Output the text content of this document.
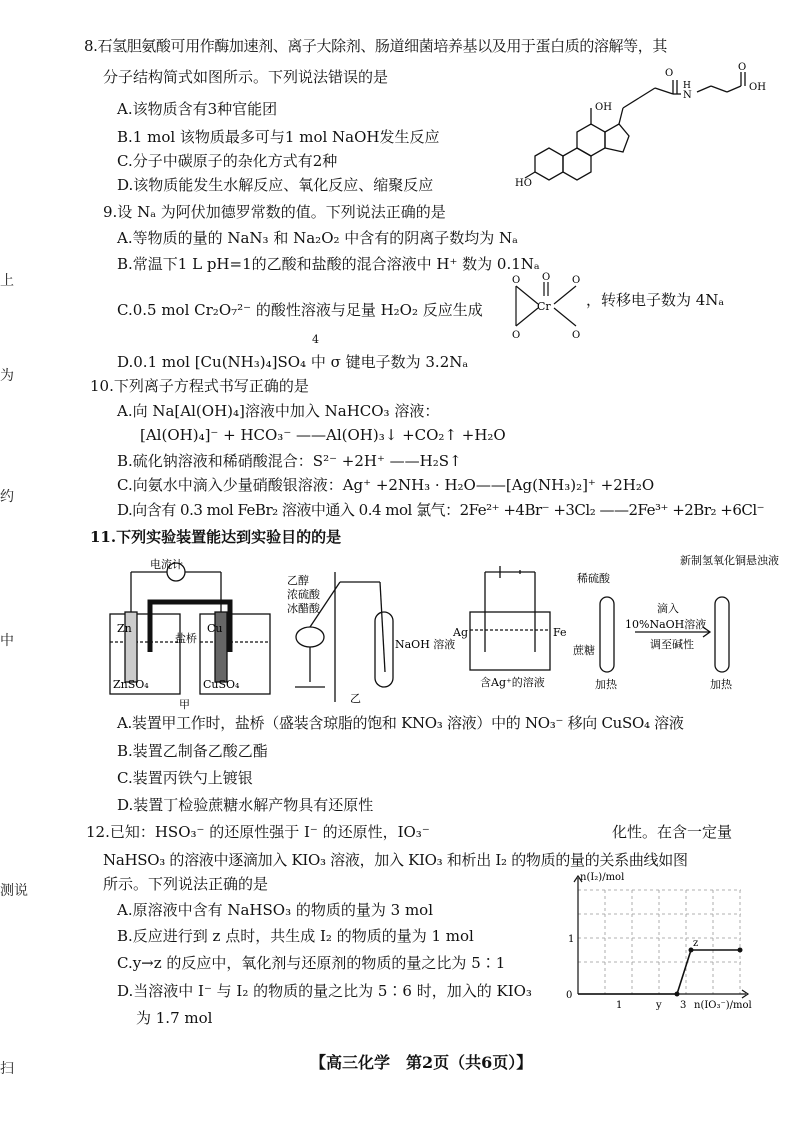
上
为
约
中
测说
扫
8.石氢胆氨酸可用作酶加速剂、离子大除剂、肠道细菌培养基以及用于蛋白质的溶解等，其
分子结构简式如图所示。下列说法错误的是
A.该物质含有3种官能团
B.1 mol 该物质最多可与1 mol NaOH发生反应
C.分子中碳原子的杂化方式有2种
D.该物质能发生水解反应、氧化反应、缩聚反应
O
N
H
O
OH
OH
HO
9.设 Nₐ 为阿伏加德罗常数的值。下列说法正确的是
A.等物质的量的 NaN₃ 和 Na₂O₂ 中含有的阴离子数均为 Nₐ
B.常温下1 L pH=1的乙酸和盐酸的混合溶液中 H⁺ 数为 0.1Nₐ
C.0.5 mol Cr₂O₇²⁻ 的酸性溶液与足量 H₂O₂ 反应生成
O O O
Cr
O	O
，转移电子数为 4Nₐ
4
D.0.1 mol [Cu(NH₃)₄]SO₄ 中 σ 键电子数为 3.2Nₐ
10.下列离子方程式书写正确的是
A.向 Na[Al(OH)₄]溶液中加入 NaHCO₃ 溶液：
[Al(OH)₄]⁻ + HCO₃⁻ ——Al(OH)₃↓ +CO₂↑ +H₂O
B.硫化钠溶液和稀硝酸混合：S²⁻ +2H⁺ ——H₂S↑
C.向氨水中滴入少量硝酸银溶液：Ag⁺ +2NH₃ · H₂O——[Ag(NH₃)₂]⁺ +2H₂O
D.向含有 0.3 mol FeBr₂ 溶液中通入 0.4 mol 氯气：2Fe²⁺ +4Br⁻ +3Cl₂ ——2Fe³⁺ +2Br₂ +6Cl⁻
11.下列实验装置能达到实验目的的是
电流计
盐桥
Zn	Cu
ZnSO₄	CuSO₄
甲
乙醇
浓硫酸
冰醋酸
NaOH 溶液
乙
Ag	Fe
含Ag⁺的溶液
稀硫酸
蔗糖
加热
滴入
10%NaOH溶液
调至碱性
新制氢氧化铜悬浊液
加热
A.装置甲工作时，盐桥（盛装含琼脂的饱和 KNO₃ 溶液）中的 NO₃⁻ 移向 CuSO₄ 溶液
B.装置乙制备乙酸乙酯
C.装置丙铁勺上镀银
D.装置丁检验蔗糖水解产物具有还原性
12.已知：HSO₃⁻ 的还原性强于 I⁻ 的还原性，IO₃⁻	化性。在含一定量
NaHSO₃ 的溶液中逐滴加入 KIO₃ 溶液，加入 KIO₃ 和析出 I₂ 的物质的量的关系曲线如图
所示。下列说法正确的是
A.原溶液中含有 NaHSO₃ 的物质的量为 3 mol
B.反应进行到 z 点时，共生成 I₂ 的物质的量为 1 mol
C.y→z 的反应中，氧化剂与还原剂的物质的量之比为 5∶1
D.当溶液中 I⁻ 与 I₂ 的物质的量之比为 5∶6 时，加入的 KIO₃
为 1.7 mol
n(I₂)/mol
0
1
1	y 3 n(IO₃⁻)/mol
z
【高三化学　第2页（共6页）】
